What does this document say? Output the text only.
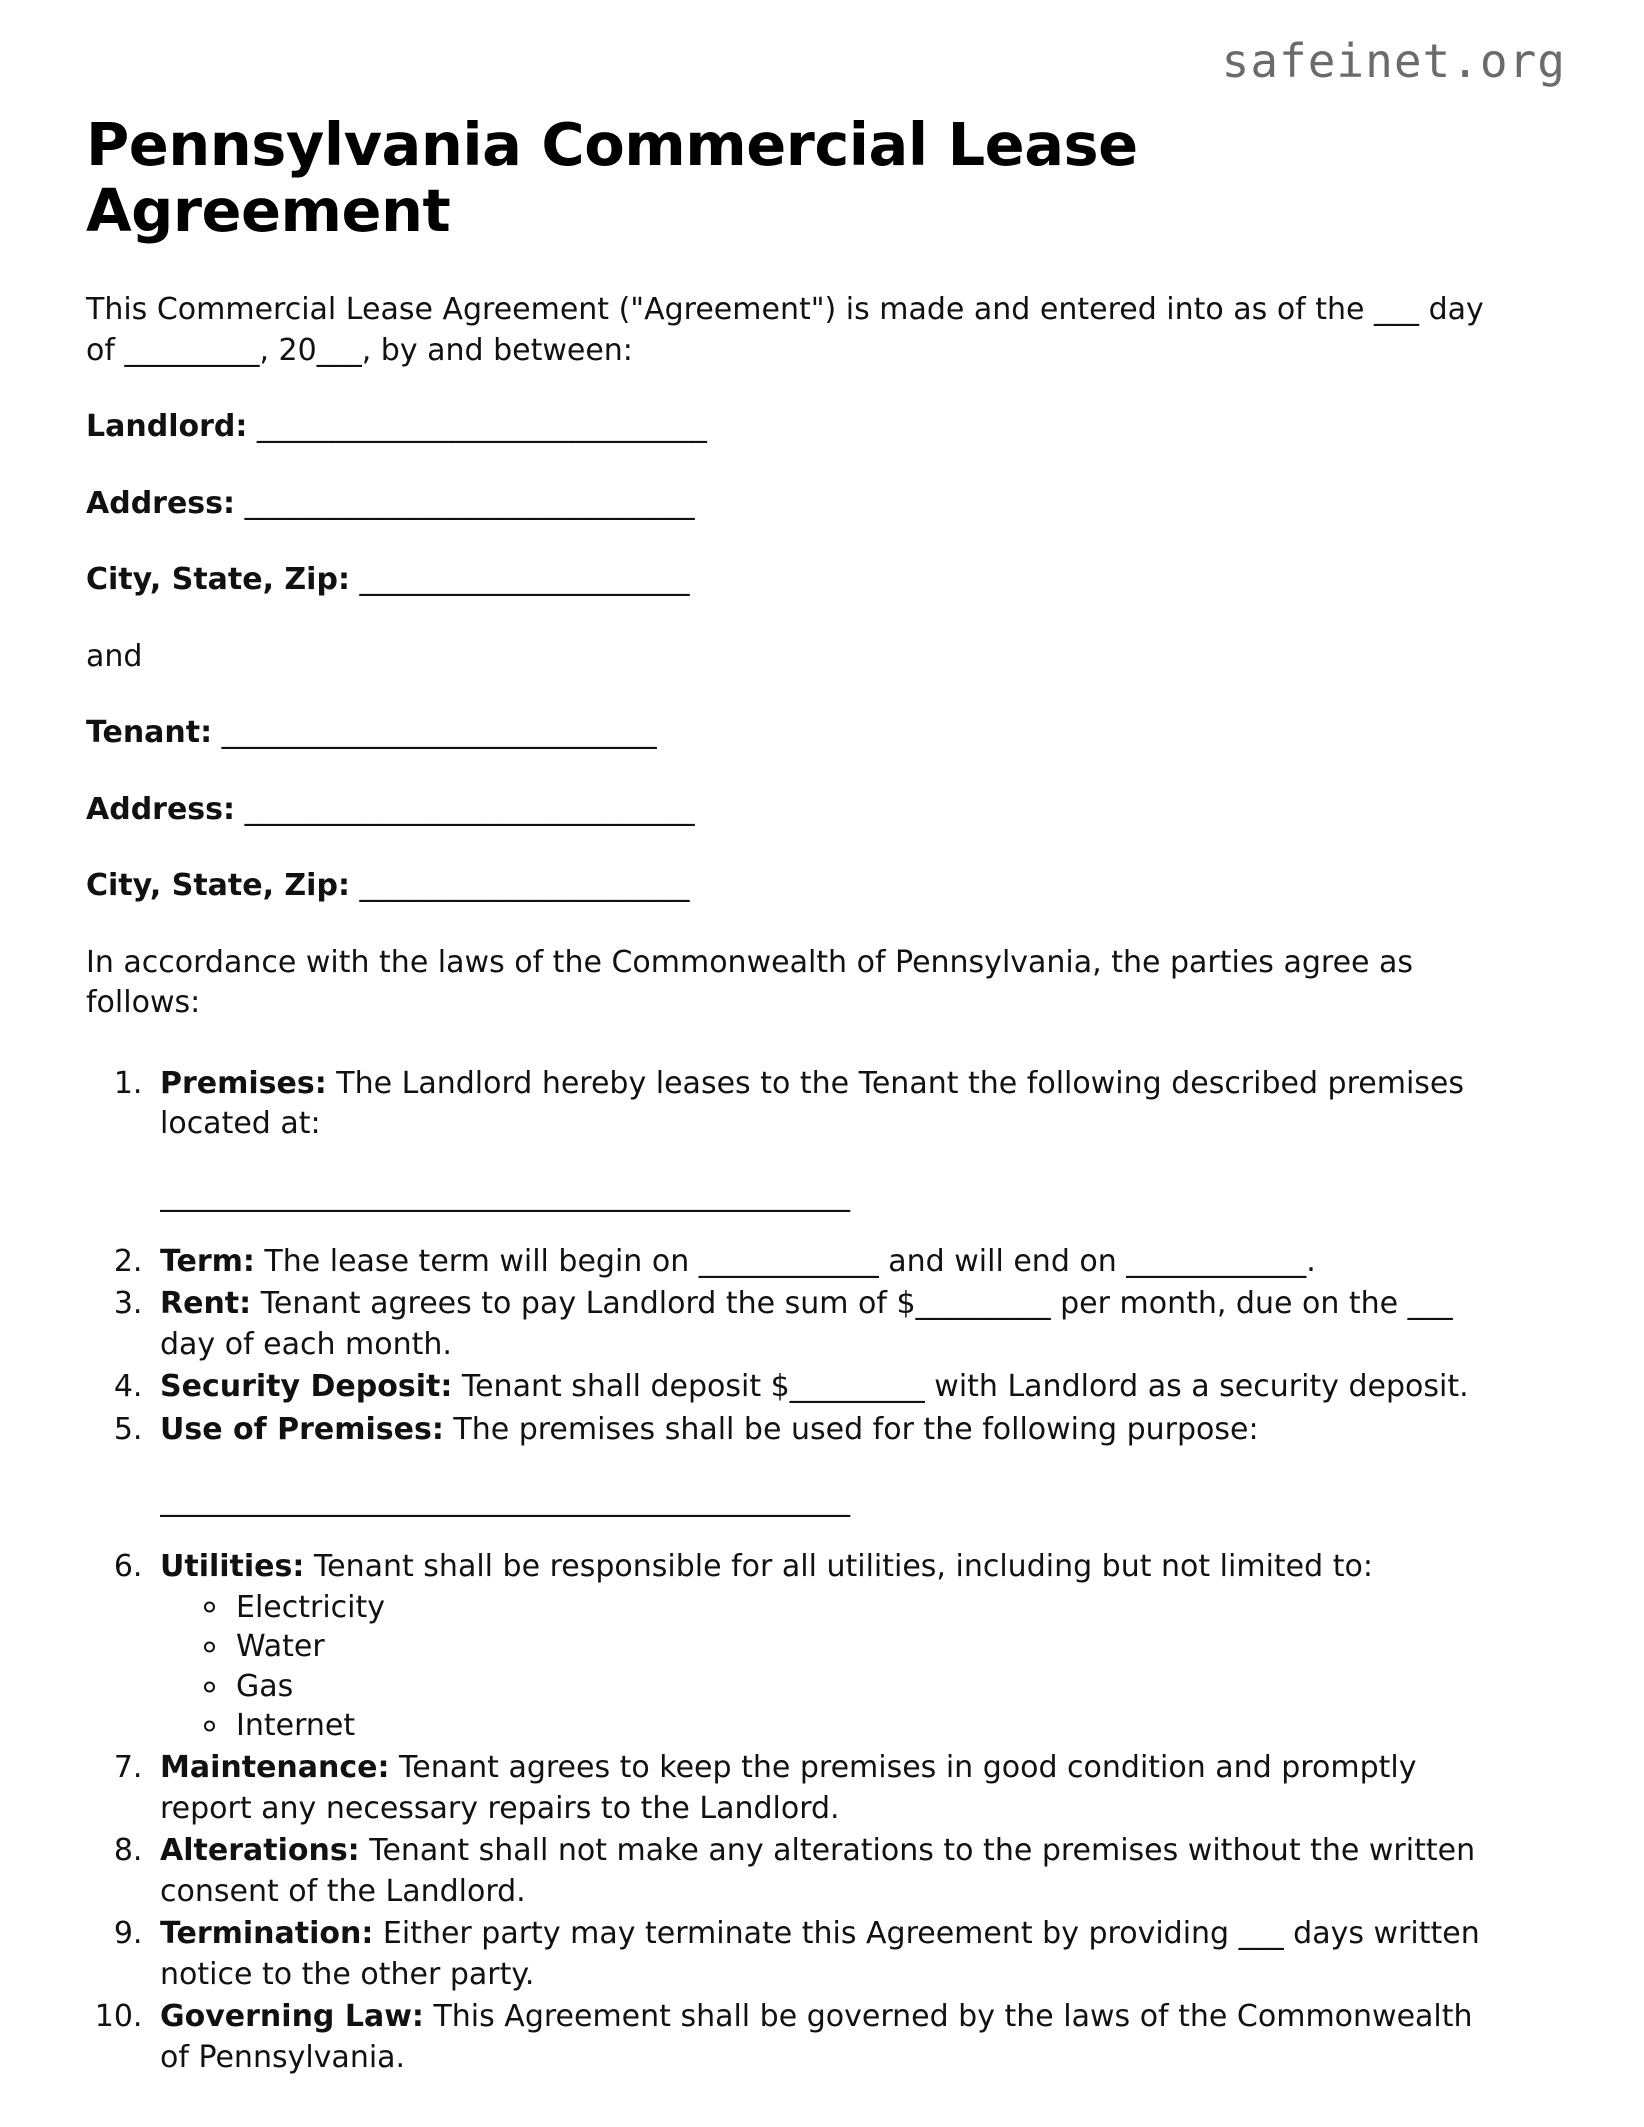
safeinet.org
Pennsylvania Commercial Lease Agreement

This Commercial Lease Agreement ("Agreement") is made and entered into as of the ___ day of _________, 20___, by and between:

Landlord: ______________________________

Address: ______________________________

City, State, Zip: ______________________

and

Tenant: _____________________________

Address: ______________________________

City, State, Zip: ______________________

In accordance with the laws of the Commonwealth of Pennsylvania, the parties agree as follows:

1. Premises: The Landlord hereby leases to the Tenant the following described premises located at:
______________________________________________
2. Term: The lease term will begin on ____________ and will end on ____________.
3. Rent: Tenant agrees to pay Landlord the sum of $_________ per month, due on the ___ day of each month.
4. Security Deposit: Tenant shall deposit $_________ with Landlord as a security deposit.
5. Use of Premises: The premises shall be used for the following purpose:
______________________________________________
6. Utilities: Tenant shall be responsible for all utilities, including but not limited to:
Electricity
Water
Gas
Internet
7. Maintenance: Tenant agrees to keep the premises in good condition and promptly report any necessary repairs to the Landlord.
8. Alterations: Tenant shall not make any alterations to the premises without the written consent of the Landlord.
9. Termination: Either party may terminate this Agreement by providing ___ days written notice to the other party.
10. Governing Law: This Agreement shall be governed by the laws of the Commonwealth of Pennsylvania.
